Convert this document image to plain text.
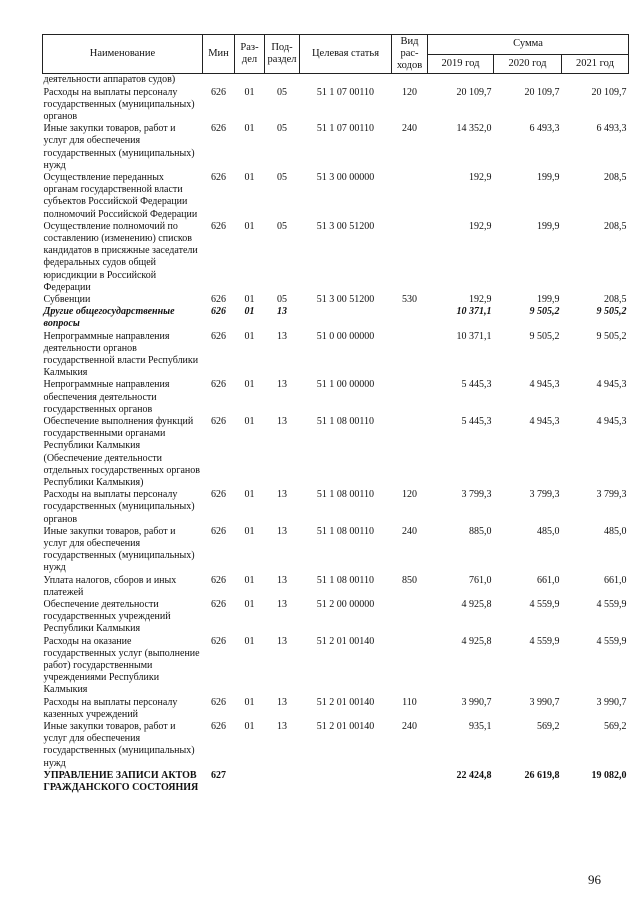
Наименование	Мин	Раз-дел	Под-раздел	Целевая статья	Вид рас-ходов	Сумма		
						2019 год	2020 год	2021 год
деятельности аппаратов судов)								
Расходы на выплаты персоналу государственных (муниципальных) органов	626	01	05	51 1 07 00110	120	20 109,7	20 109,7	20 109,7
Иные закупки товаров, работ и услуг для обеспечения государственных (муниципальных) нужд	626	01	05	51 1 07 00110	240	14 352,0	6 493,3	6 493,3
Осуществление переданных органам государственной власти субъектов Российской Федерации полномочий Российской Федерации	626	01	05	51 3 00 00000		192,9	199,9	208,5
Осуществление полномочий по составлению (изменению) списков кандидатов в присяжные заседатели федеральных судов общей юрисдикции в Российской Федерации	626	01	05	51 3 00 51200		192,9	199,9	208,5
Субвенции	626	01	05	51 3 00 51200	530	192,9	199,9	208,5
Другие общегосударственные вопросы	626	01	13			10 371,1	9 505,2	9 505,2
Непрограммные направления деятельности органов государственной власти Республики Калмыкия	626	01	13	51 0 00 00000		10 371,1	9 505,2	9 505,2
Непрограммные направления обеспечения деятельности государственных органов	626	01	13	51 1 00 00000		5 445,3	4 945,3	4 945,3
Обеспечение выполнения функций государственными органами Республики Калмыкия (Обеспечение деятельности отдельных государственных органов Республики Калмыкия)	626	01	13	51 1 08 00110		5 445,3	4 945,3	4 945,3
Расходы на выплаты персоналу государственных (муниципальных) органов	626	01	13	51 1 08 00110	120	3 799,3	3 799,3	3 799,3
Иные закупки товаров, работ и услуг для обеспечения государственных (муниципальных) нужд	626	01	13	51 1 08 00110	240	885,0	485,0	485,0
Уплата налогов, сборов и иных платежей	626	01	13	51 1 08 00110	850	761,0	661,0	661,0
Обеспечение деятельности государственных учреждений Республики Калмыкия	626	01	13	51 2 00 00000		4 925,8	4 559,9	4 559,9
Расходы на оказание государственных услуг (выполнение работ) государственными учреждениями Республики Калмыкия	626	01	13	51 2 01 00140		4 925,8	4 559,9	4 559,9
Расходы на выплаты персоналу казенных учреждений	626	01	13	51 2 01 00140	110	3 990,7	3 990,7	3 990,7
Иные закупки товаров, работ и услуг для обеспечения государственных (муниципальных) нужд	626	01	13	51 2 01 00140	240	935,1	569,2	569,2
УПРАВЛЕНИЕ ЗАПИСИ АКТОВ ГРАЖДАНСКОГО СОСТОЯНИЯ	627					22 424,8	26 619,8	19 082,0
96
